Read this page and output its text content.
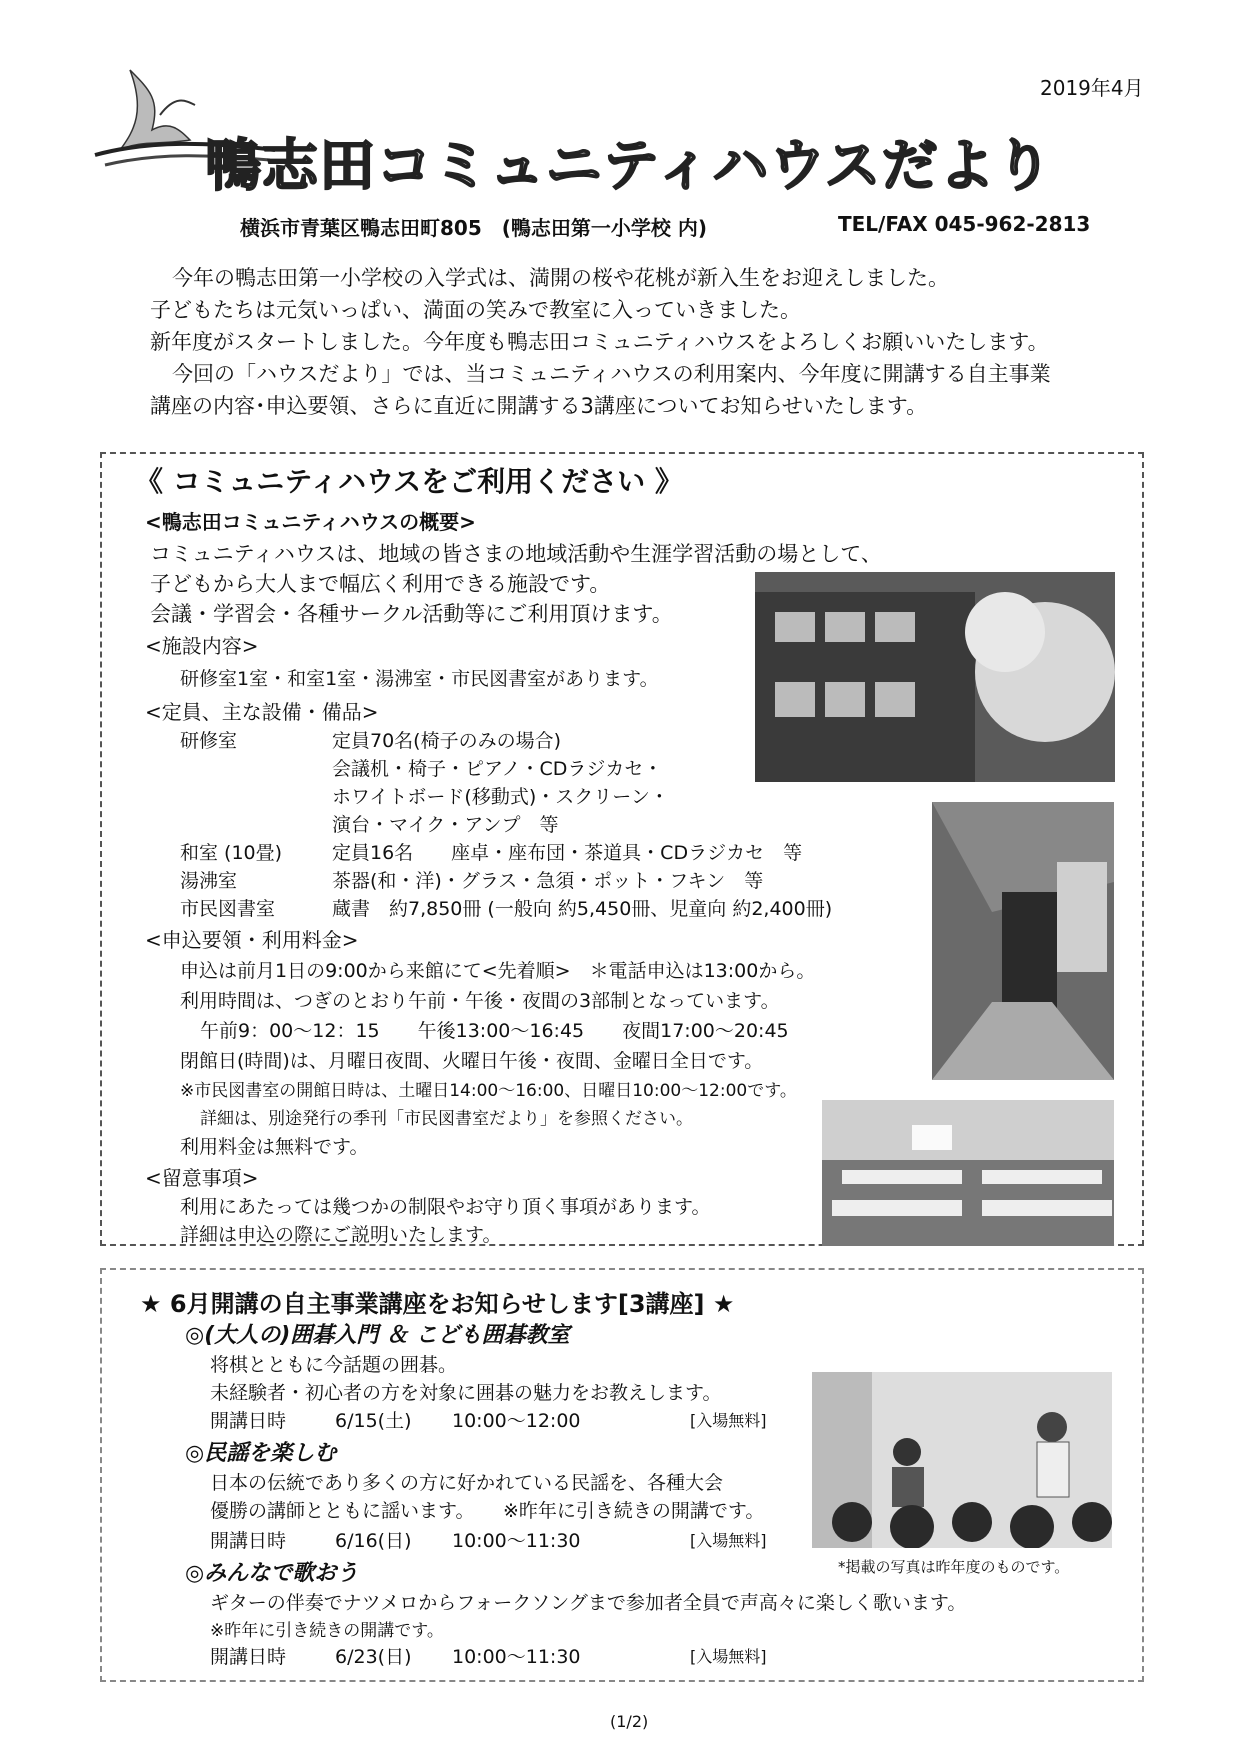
2019年4月
鴨志田コミュニティハウスだより
横浜市青葉区鴨志田町805　(鴨志田第一小学校 内)	TEL/FAX 045-962-2813

今年の鴨志田第一小学校の入学式は、満開の桜や花桃が新入生をお迎えしました。

子どもたちは元気いっぱい、満面の笑みで教室に入っていきました。

新年度がスタートしました。今年度も鴨志田コミュニティハウスをよろしくお願いいたします。

今回の「ハウスだより」では、当コミュニティハウスの利用案内、今年度に開講する自主事業

講座の内容･申込要領、さらに直近に開講する3講座についてお知らせいたします。

《 コミュニティハウスをご利用ください 》
<鴨志田コミュニティハウスの概要>
コミュニティハウスは、地域の皆さまの地域活動や生涯学習活動の場として、
子どもから大人まで幅広く利用できる施設です。
会議・学習会・各種サークル活動等にご利用頂けます。
<施設内容>
研修室1室・和室1室・湯沸室・市民図書室があります。
<定員、主な設備・備品>
研修室	定員70名(椅子のみの場合)
会議机・椅子・ピアノ・CDラジカセ・
ホワイトボード(移動式)・スクリーン・
演台・マイク・アンプ　等
和室 (10畳)	定員16名　　座卓・座布団・茶道具・CDラジカセ　等
湯沸室	茶器(和・洋)・グラス・急須・ポット・フキン　等
市民図書室	蔵書　約7,850冊 (一般向 約5,450冊、児童向 約2,400冊)
<申込要領・利用料金>
申込は前月1日の9:00から来館にて<先着順>　＊電話申込は13:00から。
利用時間は、つぎのとおり午前・午後・夜間の3部制となっています。
午前9：00～12：15　　午後13:00～16:45　　夜間17:00～20:45
閉館日(時間)は、月曜日夜間、火曜日午後・夜間、金曜日全日です。
※市民図書室の開館日時は、土曜日14:00～16:00、日曜日10:00～12:00です。
詳細は、別途発行の季刊「市民図書室だより」を参照ください。
利用料金は無料です。
<留意事項>
利用にあたっては幾つかの制限やお守り頂く事項があります。
詳細は申込の際にご説明いたします。
★ 6月開講の自主事業講座をお知らせします[3講座] ★
◎(大人の)囲碁入門 ＆ こども囲碁教室
将棋とともに今話題の囲碁。
未経験者・初心者の方を対象に囲碁の魅力をお教えします。
開講日時	6/15(土) 10:00～12:00	[入場無料]
◎民謡を楽しむ
日本の伝統であり多くの方に好かれている民謡を、各種大会
優勝の講師とともに謡います。　　※昨年に引き続きの開講です。
開講日時	6/16(日) 10:00～11:30	[入場無料]
◎みんなで歌おう
ギターの伴奏でナツメロからフォークソングまで参加者全員で声高々に楽しく歌います。
※昨年に引き続きの開講です。
開講日時	6/23(日) 10:00～11:30	[入場無料]
*掲載の写真は昨年度のものです。
(1/2)
